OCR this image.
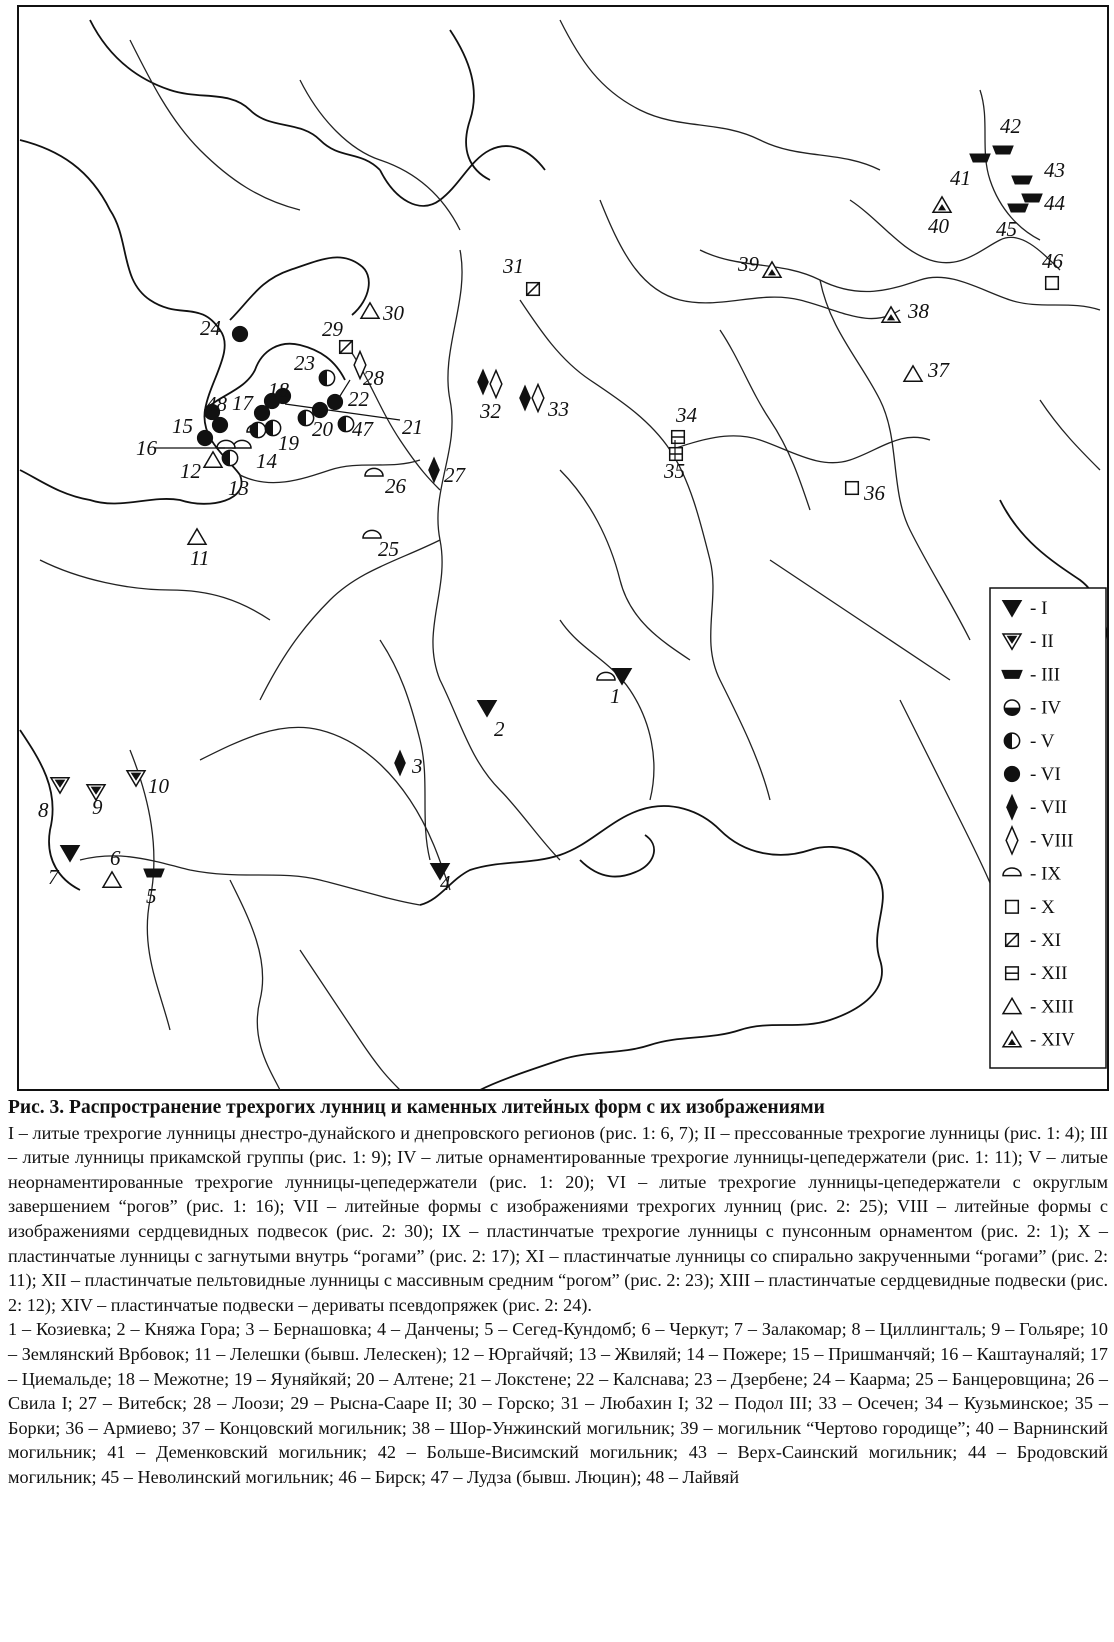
- I
- II
- III
- IV
- V
- VI
- VII
- VIII
- IX
- X
- XI
- XII
- XIII
- XIV
1
2
3
4
5
6
7
8 9
10
11
12
13
14
15
16
17
18
19
20	21
22
23
24
25
26 27
28
29
30
31
32 33	34
35
36
37
38
39
40
41
42
43
44
45
46
47
48

Рис. 3. Распространение трехрогих лунниц и каменных литейных форм с их изображениями

I – литые трехрогие лунницы днестро-дунайского и днепровского регионов (рис. 1: 6, 7); II – прессованные трехрогие лунницы (рис. 1: 4); III – литые лунницы прикамской группы (рис. 1: 9); IV – литые орнаментированные трехрогие лунницы-цепедержатели (рис. 1: 11); V – литые неорнаментированные трехрогие лунницы-цепедержатели (рис. 1: 20); VI – литые трехрогие лунницы-цепедержатели с округлым завершением “рогов” (рис. 1: 16); VII – литейные формы с изображениями трехрогих лунниц (рис. 2: 25); VIII – литейные формы с изображениями сердцевидных подвесок (рис. 2: 30); IX – пластинчатые трехрогие лунницы с пунсонным орнаментом (рис. 2: 1); X – пластинчатые лунницы с загнутыми внутрь “рогами” (рис. 2: 17); XI – пластинчатые лунницы со спирально закрученными “рогами” (рис. 2: 11); XII – пластинчатые пельтовидные лунницы с массивным средним “рогом” (рис. 2: 23); XIII – пластинчатые сердцевидные подвески (рис. 2: 12); XIV – пластинчатые подвески – дериваты псевдопряжек (рис. 2: 24).

1 – Козиевка; 2 – Княжа Гора; 3 – Бернашовка; 4 – Данчены; 5 – Сегед-Кундомб; 6 – Черкут; 7 – Залакомар; 8 – Циллингталь; 9 – Гольяре; 10 – Землянский Врбовок; 11 – Лелешки (бывш. Лелескен); 12 – Юргайчяй; 13 – Жвиляй; 14 – Пожере; 15 – Пришманчяй; 16 – Каштауналяй; 17 – Циемальде; 18 – Межотне; 19 – Яуняйкяй; 20 – Алтене; 21 – Локстене; 22 – Калснава; 23 – Дзербене; 24 – Каарма; 25 – Банцеровщина; 26 – Свила I; 27 – Витебск; 28 – Лоози; 29 – Рысна-Сааре II; 30 – Горско; 31 – Любахин I; 32 – Подол III; 33 – Осечен; 34 – Кузьминское; 35 – Борки; 36 – Армиево; 37 – Концовский могильник; 38 – Шор-Унжинский могильник; 39 – могильник “Чертово городище”; 40 – Варнинский могильник; 41 – Деменковский могильник; 42 – Больше-Висимский могильник; 43 – Верх-Саинский могильник; 44 – Бродовский могильник; 45 – Неволинский могильник; 46 – Бирск; 47 – Лудза (бывш. Люцин); 48 – Лайвяй
